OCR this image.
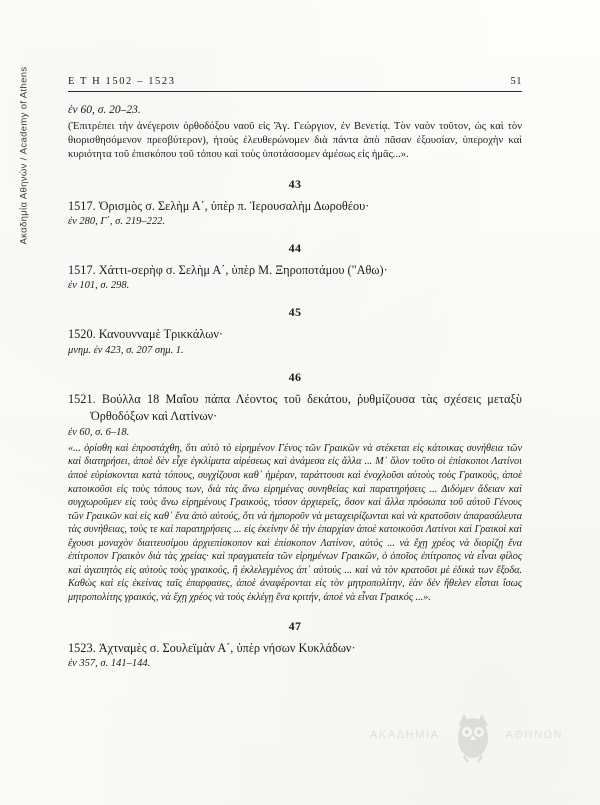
Ακαδημία Αθηνών / Academy of Athens	Ε Τ Η 1502 – 1523	51

ἐν 60, σ. 20–23.

(Ἐπιτρέπει τὴν ἀνέγερσιν ὀρθοδόξου ναοῦ εἰς Ἅγ. Γεώργιον, ἐν Βενετίᾳ. Τὸν ναὸν τοῦτον, ὡς καὶ τὸν θιορισθησόμενον πρεσβύτερον), ἡτοὺς ἐλευθερώνομεν διὰ πάντα ἀπὸ πᾶσαν ἐξουσίαν, ὑπεροχὴν καὶ κυριότητα τοῦ ἐπισκόπου τοῦ τόπου καὶ τοὺς ὑποτάσσομεν ἀμέσως εἰς ἡμᾶς...».

43

1517. Ὁρισμὸς σ. Σελὴμ Α΄, ὑπὲρ π. Ἱερουσαλὴμ Δωροθέου·

ἐν 280, Γ΄, σ. 219–222.

44

1517. Χάττι-σερὴφ σ. Σελὴμ Α΄, ὑπὲρ Μ. Ξηροποτάμου ("Αθω)·

ἐν 101, σ. 298.

45

1520. Κανουνναμὲ Τρικκάλων·

μνημ. ἐν 423, σ. 207 σημ. 1.

46

1521. Βούλλα 18 Μαΐου πάπα Λέοντος τοῦ δεκάτου, ῥυθμίζουσα τὰς σχέσεις μεταξὺ Ὀρθοδόξων καὶ Λατίνων·

ἐν 60, σ. 6–18.

«... ὁρίσθη καὶ ἐπροστάχθη, ὅτι αὐτὸ τὸ εἰρημένον Γένος τῶν Γραικῶν νὰ στέκεται εἰς κάτοικας συνήθεια τῶν καὶ διατηρήσει, ἀποὲ δὲν εἶχε ἐγκλίματα αἱρέσεως καὶ ἀνάμεσα εἰς ἄλλα ... Μ᾽ ὅλον τοῦτο οἱ ἐπίσκοποι Λατίνοι ἀποὲ εὑρίσκονται κατὰ τόπους, συγχίζουσι καθ᾽ ἡμέραν, ταράττουσι καὶ ἐνοχλοῦσι αὐτοὺς τοὺς Γραικούς, ἀποὲ κατοικοῦσι εἰς τοὺς τόπους των, διὰ τὰς ἄνω εἰρημένας συνηθείας καὶ παρατηρήσεις ... Διδόμεν ἄδειαν καὶ συγχωροῦμεν εἰς τοὺς ἄνω εἰρημένους Γραικούς, τόσον ἀρχιερεῖς, ὅσον καὶ ἄλλα πρόσωπα τοῦ αὐτοῦ Γένους τῶν Γραικῶν καὶ εἰς καθ᾽ ἕνα ἀπὸ αὐτούς, ὅτι νὰ ἠμποροῦν νὰ μεταχειρίζωνται καὶ νὰ κρατοῦσιν ἀπαρασάλευτα τὰς συνήθειας, τοὺς τε καὶ παρατηρήσεις ... εἰς ἐκείνην δὲ τὴν ἐπαρχίαν ἀποὲ κατοικοῦσι Λατίνοι καὶ Γραικοὶ καὶ ἔχουσι μοναχὸν διαιτευσίμου ἀρχιεπίσκοπον καὶ ἐπίσκοπον Λατίνον, αὐτός ... νὰ ἔχῃ χρέος νὰ διορίζῃ ἕνα ἐπίτροπον Γραικὸν διὰ τὰς χρείας· καὶ πραγματεία τῶν εἰρημένων Γραικῶν, ὁ ὁποῖος ἐπίτροπος νὰ εἶναι φίλος καὶ ἀγαπητὸς εἰς αὐτοὺς τοὺς γραικούς, ἢ ἐκλελεγμένος ἀπ᾽ αὐτούς ... καὶ νὰ τὸν κρατοῦσι μὲ ἐδικά των ἔξοδα. Καθὼς καὶ εἰς ἐκείνας ταῖς ἐπαρφασες, ἀποὲ ἀναφέρονται εἰς τὸν μητροπολίτην, ἐὰν δὲν ἤθελεν εἶσται ἴσως μητροπολίτης γραικός, νὰ ἔχῃ χρέος νὰ τοὺς ἐκλέγῃ ἕνα κριτήν, ἀποὲ νὰ εἶναι Γραικός ...».

47

1523. Ἀχτναμὲς σ. Σουλεϊμὰν Α΄, ὑπὲρ νήσων Κυκλάδων·

ἐν 357, σ. 141–144.

ΑΚΑΔΗΜΙΑ	ΑΘΗΝΩΝ
